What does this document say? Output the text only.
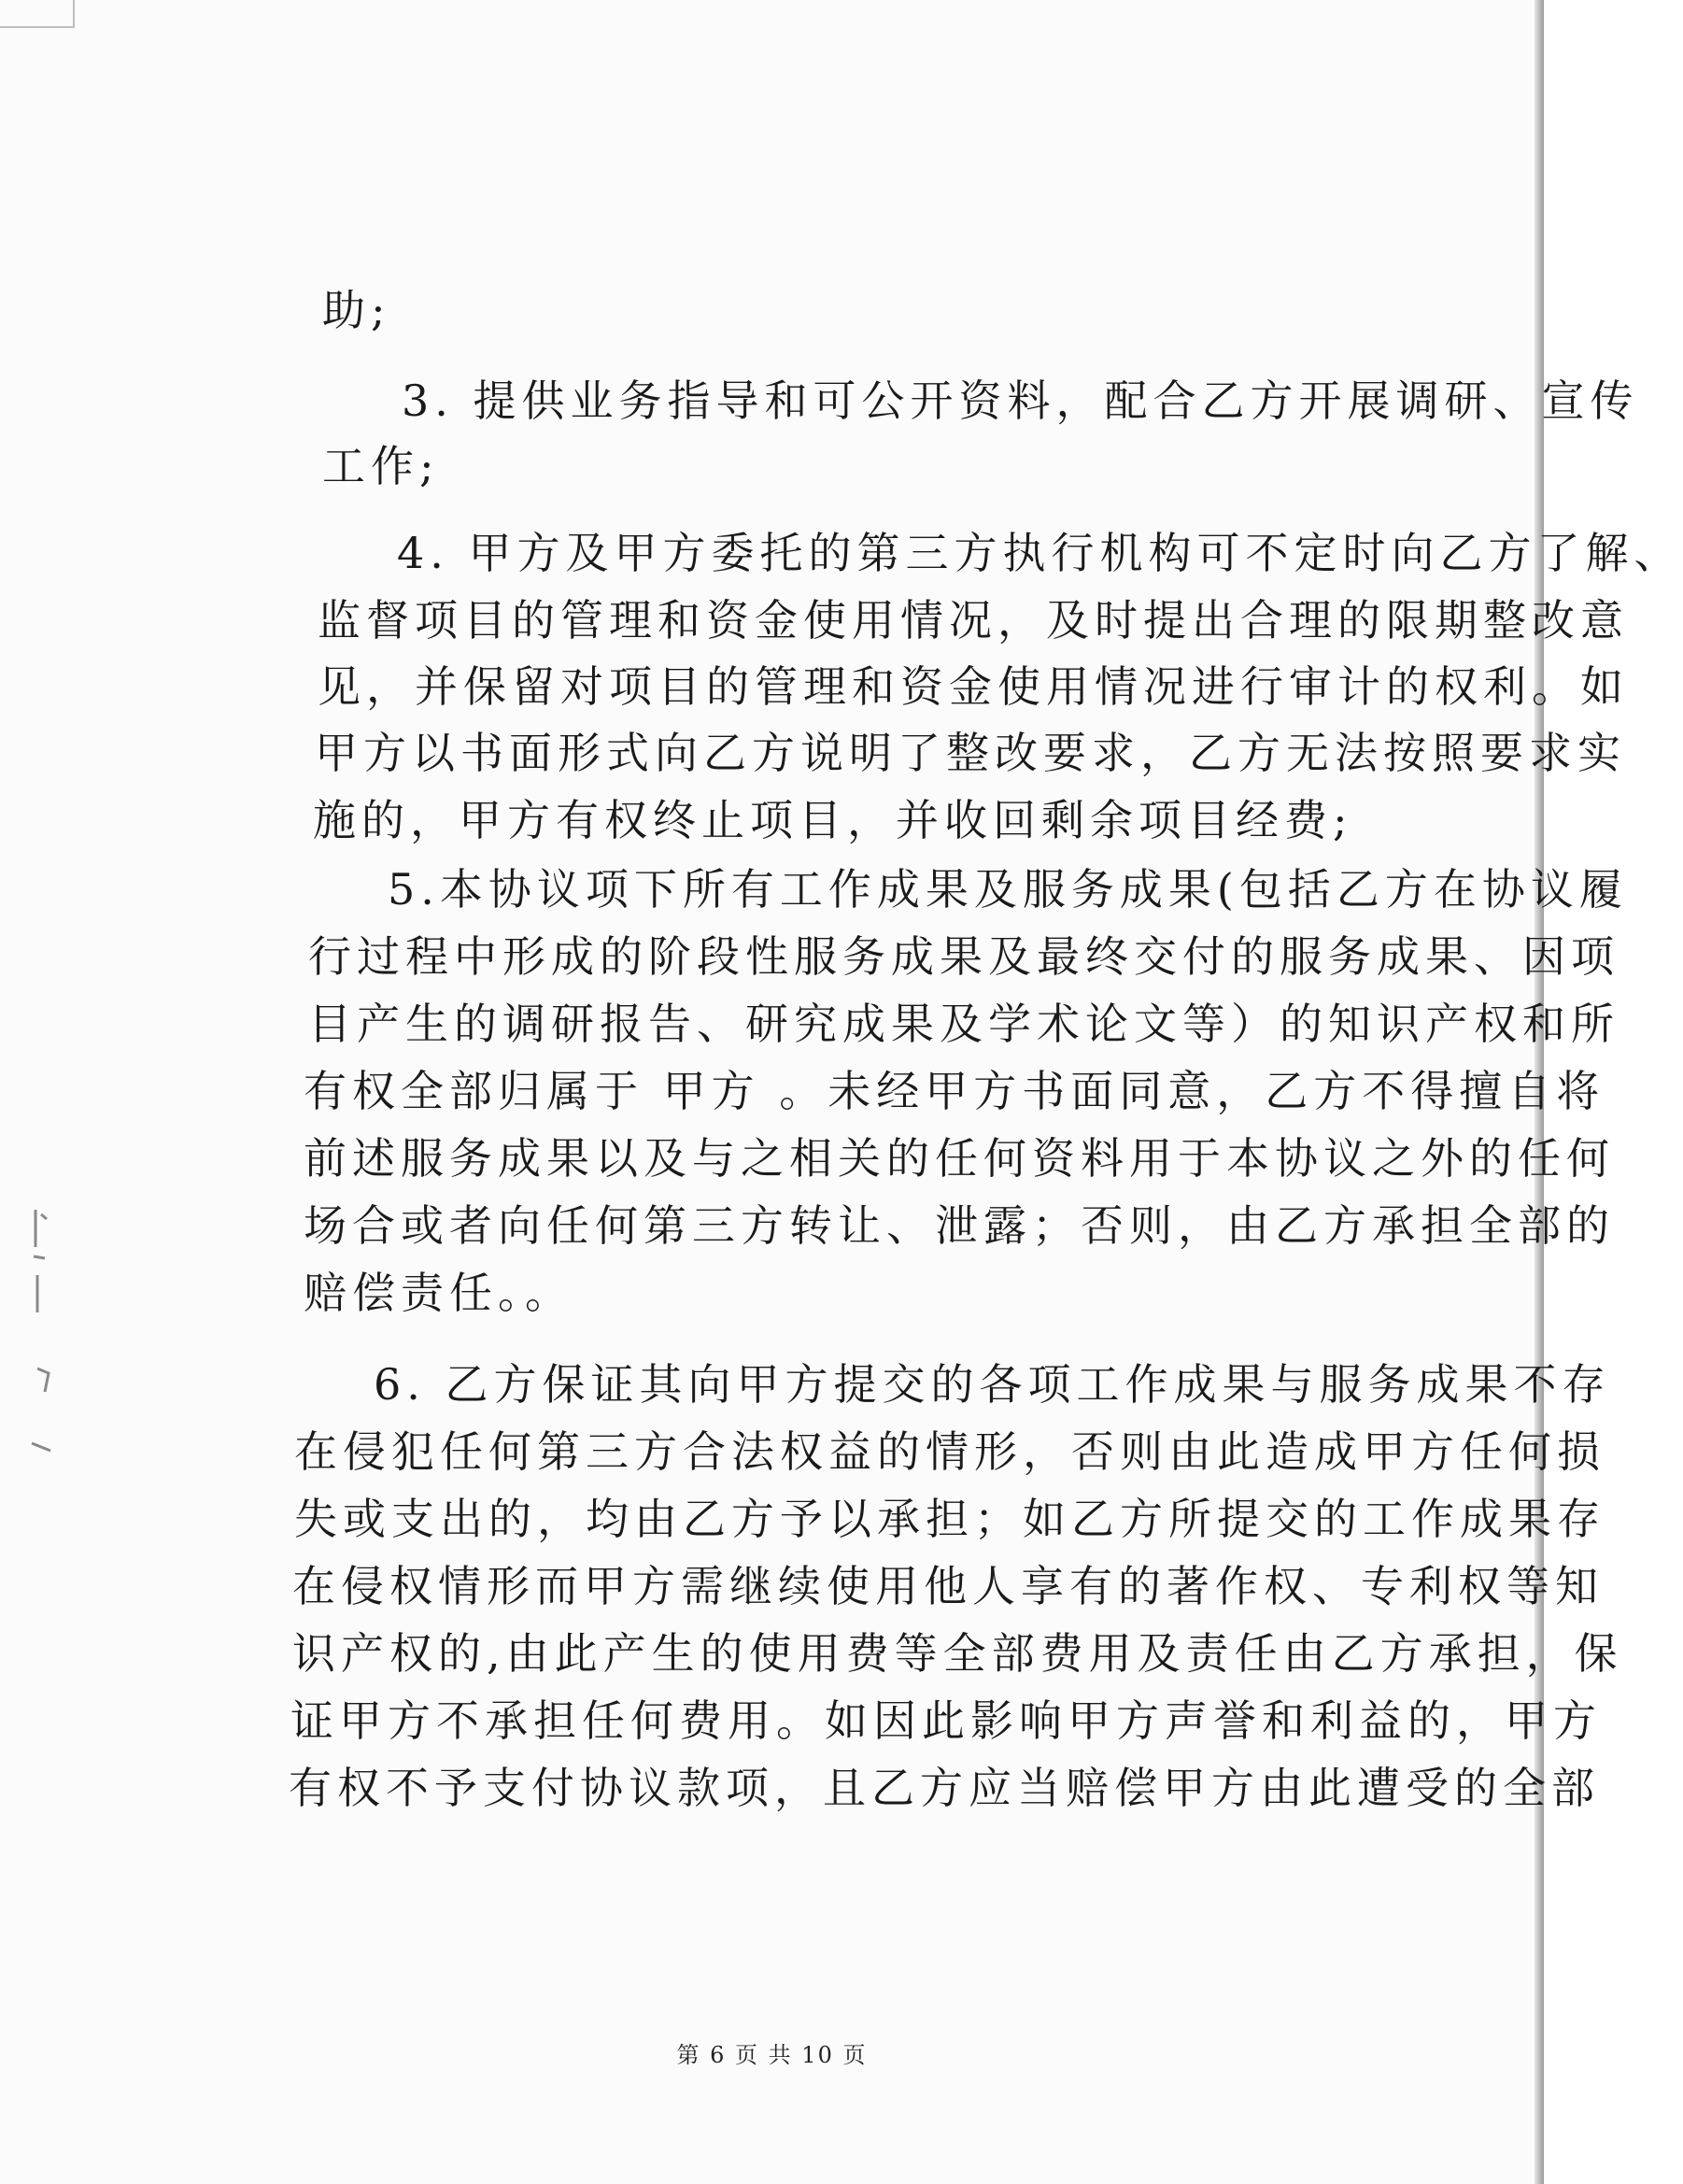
助;
3. 提供业务指导和可公开资料，配合乙方开展调研、宣传
工作;
4. 甲方及甲方委托的第三方执行机构可不定时向乙方了解、
监督项目的管理和资金使用情况，及时提出合理的限期整改意
见，并保留对项目的管理和资金使用情况进行审计的权利。如
甲方以书面形式向乙方说明了整改要求，乙方无法按照要求实
施的，甲方有权终止项目，并收回剩余项目经费;
5.本协议项下所有工作成果及服务成果(包括乙方在协议履
行过程中形成的阶段性服务成果及最终交付的服务成果、因项
目产生的调研报告、研究成果及学术论文等）的知识产权和所
有权全部归属于 甲方 。未经甲方书面同意，乙方不得擅自将
前述服务成果以及与之相关的任何资料用于本协议之外的任何
场合或者向任何第三方转让、泄露；否则，由乙方承担全部的
赔偿责任。。
6. 乙方保证其向甲方提交的各项工作成果与服务成果不存
在侵犯任何第三方合法权益的情形，否则由此造成甲方任何损
失或支出的，均由乙方予以承担；如乙方所提交的工作成果存
在侵权情形而甲方需继续使用他人享有的著作权、专利权等知
识产权的,由此产生的使用费等全部费用及责任由乙方承担，保
证甲方不承担任何费用。如因此影响甲方声誉和利益的，甲方
有权不予支付协议款项，且乙方应当赔偿甲方由此遭受的全部
第 6 页 共 10 页
